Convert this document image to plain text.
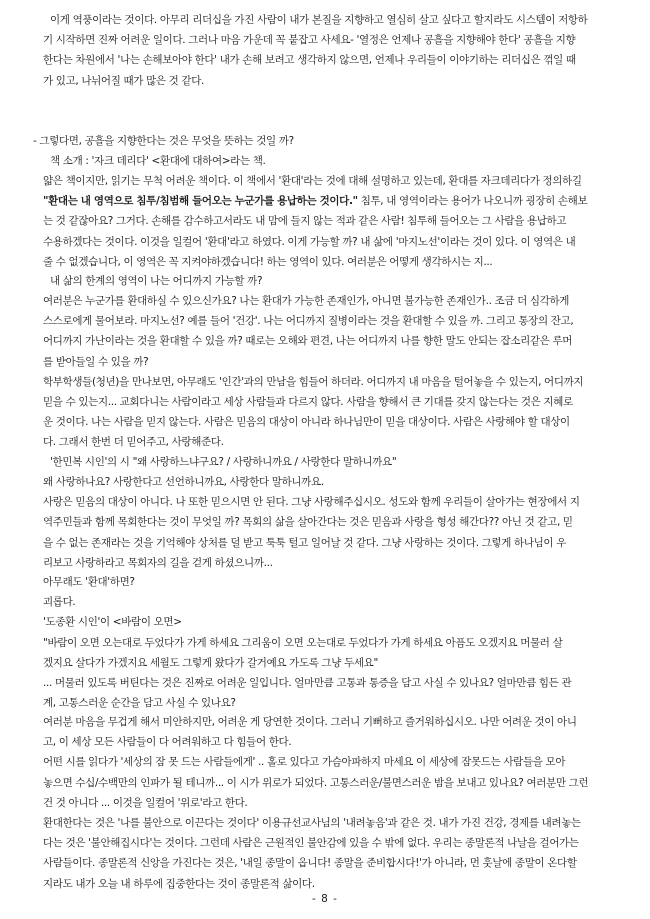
이게 역풍이라는 것이다. 아무리 리더십을 가진 사람이 내가 본질을 지향하고 열심히 살고 싶다고 할지라도 시스템이 저항하
기 시작하면 진짜 어려운 일이다. 그러나 마음 가운데 꼭 붙잡고 사세요- '열정은 언제나 공흘을 지향해야 한다' 공흘을 지향
한다는 차원에서 '나는 손해보아야 한다' 내가 손해 보려고 생각하지 않으면, 언제나 우리들이 이야기하는 리더십은 꺾일 때
가 있고, 나뉘어질 때가 많은 것 같다.
- 그렇다면, 공흘을 지향한다는 것은 무엇을 뜻하는 것일 까?
책 소개 : '자크 데리다' <환대에 대하여>라는 책.
얇은 책이지만, 읽기는 무척 어려운 책이다. 이 책에서 '환대'라는 것에 대해 설명하고 있는데, 환대를 자크데리다가 정의하길
"환대는 내 영역으로 침투/침범해 들어오는 누군가를 용납하는 것이다." 침투, 내 영역이라는 용어가 나오니까 굉장히 손해보
는 것 같잖아요? 그거다. 손해를 감수하고서라도 내 맘에 들지 않는 적과 같은 사람! 침투해 들어오는 그 사람을 용납하고
수용하겠다는 것이다. 이것을 일컬어 '환대'라고 하였다. 이게 가능할 까? 내 삶에 '마지노선'이라는 것이 있다. 이 영역은 내
줄 수 없겠습니다, 이 영역은 꼭 지켜야하겠습니다! 하는 영역이 있다. 여러분은 어떻게 생각하시는 지...
내 삶의 한계의 영역이 나는 어디까지 가능할 까?
여러분은 누군가를 환대하실 수 있으신가요? 나는 환대가 가능한 존재인가, 아니면 불가능한 존재인가.. 조금 더 심각하게
스스로에게 물어보라. 마지노선? 예를 들어 '건강'. 나는 어디까지 질병이라는 것을 환대할 수 있을 까. 그리고 통장의 잔고,
어디까지 가난이라는 것을 환대할 수 있을 까? 때로는 오해와 편견, 나는 어디까지 나를 향한 말도 안되는 잡소리같은 루머
를 받아들일 수 있을 까?
학부학생들(청년)을 만나보면, 아무래도 '인간'과의 만남을 힘들어 하더라. 어디까지 내 마음을 털어놓을 수 있는지, 어디까지
믿을 수 있는지... 교회다니는 사람이라고 세상 사람들과 다르지 않다. 사람을 향해서 큰 기대를 갖지 않는다는 것은 지혜로
운 것이다. 나는 사람을 믿지 않는다. 사람은 믿음의 대상이 아니라 하나님만이 믿을 대상이다. 사람은 사랑해야 할 대상이
다. 그래서 한번 더 믿어주고, 사랑해준다.
'한민복 시인'의 시 "왜 사랑하느냐구요? / 사랑하니까요 / 사랑한다 말하니까요"
왜 사랑하나요? 사랑한다고 선언하니까요, 사랑한다 말하니까요.
사랑은 믿음의 대상이 아니다. 나 또한 믿으시면 안 된다. 그냥 사랑해주십시오. 성도와 함께 우리들이 살아가는 현장에서 지
역주민들과 함께 목회한다는 것이 무엇일 까? 목회의 삶을 살아간다는 것은 믿음과 사랑을 형성 해간다?? 아닌 것 같고, 믿
을 수 없는 존재라는 것을 기억해야 상처를 덜 받고 툭툭 털고 일어날 것 같다. 그냥 사랑하는 것이다. 그렇게 하나님이 우
리보고 사랑하라고 목회자의 길을 걷게 하셨으니까...
아무래도 '환대'하면?
괴롭다.
'도종환 시인'이 <바람이 오면>
"바람이 오면 오는대로 두었다가 가게 하세요 그리움이 오면 오는대로 두었다가 가게 하세요 아픔도 오겠지요 머물러 살
겠지요 살다가 가겠지요 세월도 그렇게 왔다가 갈거예요 가도록 그냥 두세요"
... 머물러 있도록 버틴다는 것은 진짜로 어려운 일입니다. 얼마만큼 고통과 통증을 담고 사실 수 있나요? 얼마만큼 힘든 관
계, 고통스러운 순간을 담고 사실 수 있나요?
여러분 마음을 무겁게 해서 미안하지만, 어려운 게 당연한 것이다. 그러니 기뻐하고 즐거워하십시오. 나만 어려운 것이 아니
고, 이 세상 모든 사람들이 다 어려워하고 다 힘들어 한다.
어떤 시를 읽다가 '세상의 잠 못 드는 사람들에게' .. 홀로 있다고 가슴아파하지 마세요 이 세상에 잠못드는 사람들을 모아
놓으면 수십/수백만의 인파가 될 테니까... 이 시가 위로가 되었다. 고통스러운/불면스러운 밤을 보내고 있나요? 여러분만 그런
건 것 아니다 ... 이것을 일컬어 '위로'라고 한다.
환대한다는 것은 '나를 불안으로 이끈다는 것이다' 이용규선교사님의 '내려놓음'과 같은 것. 내가 가진 건강, 경제를 내려놓는
다는 것은 '불안해집시다'는 것이다. 그런데 사람은 근원적인 불안감에 있을 수 밖에 없다. 우리는 종말론적 나날을 걸어가는
사람들이다. 종말론적 신앙을 가진다는 것은, '내일 종말이 옵니다! 종말을 준비합시다!'가 아니라, 먼 훗날에 종말이 온다할
지라도 내가 오늘 내 하루에 집중한다는 것이 종말론적 삶이다.
- 8 -
